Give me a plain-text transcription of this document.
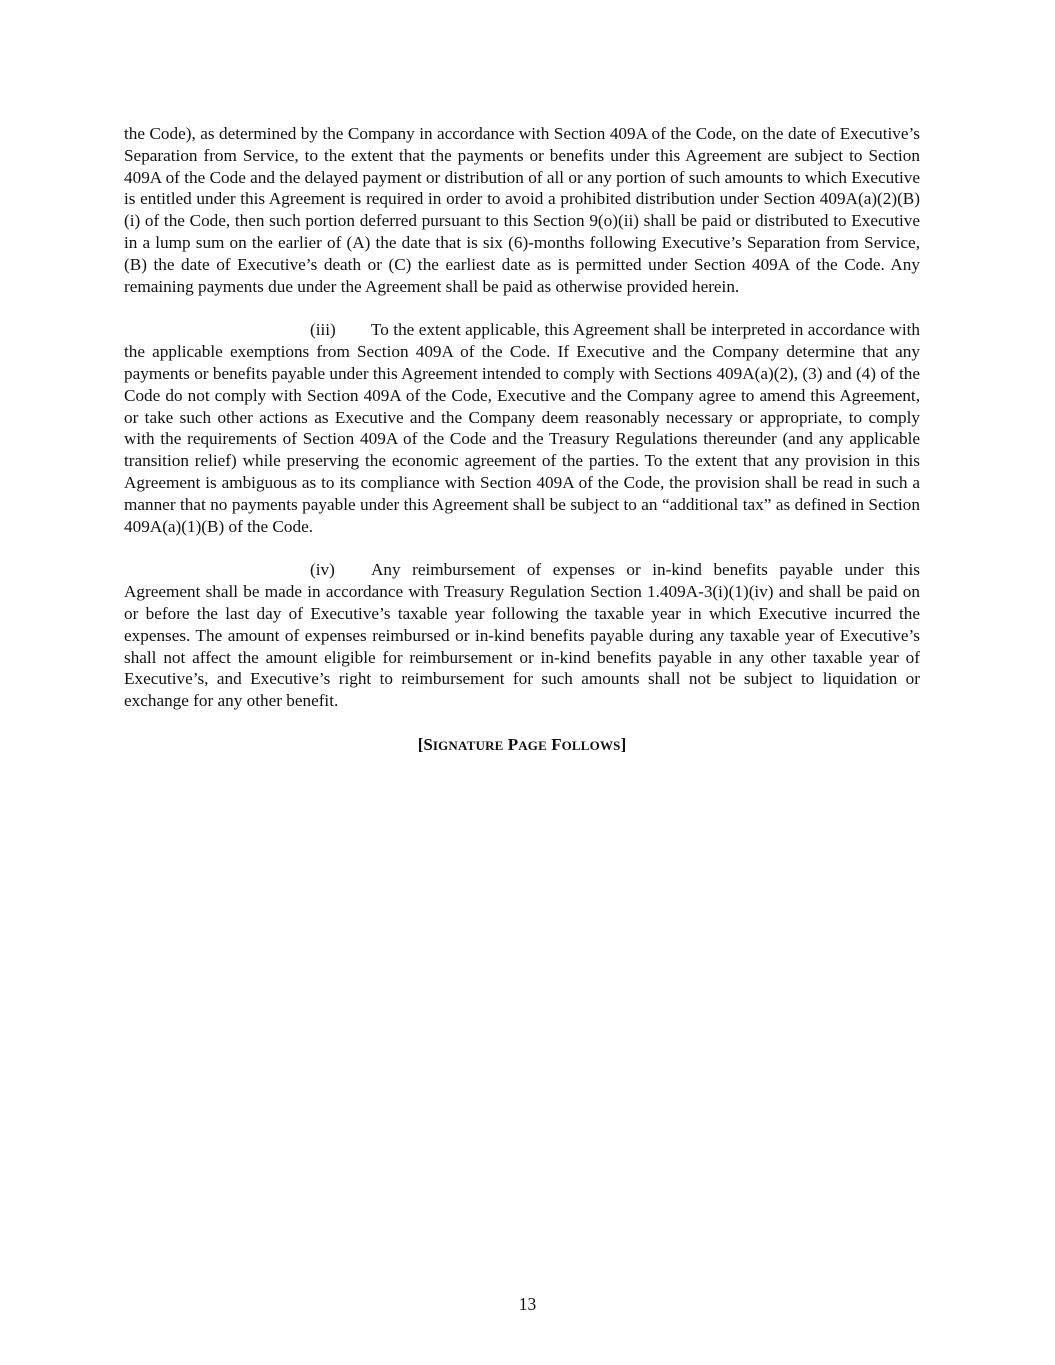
the Code), as determined by the Company in accordance with Section 409A of the Code, on the date of Executive’s Separation from Service, to the extent that the payments or benefits under this Agreement are subject to Section 409A of the Code and the delayed payment or distribution of all or any portion of such amounts to which Executive is entitled under this Agreement is required in order to avoid a prohibited distribution under Section 409A(a)(2)(B)(i) of the Code, then such portion deferred pursuant to this Section 9(o)(ii) shall be paid or distributed to Executive in a lump sum on the earlier of (A) the date that is six (6)-months following Executive’s Separation from Service, (B) the date of Executive’s death or (C) the earliest date as is permitted under Section 409A of the Code. Any remaining payments due under the Agreement shall be paid as otherwise provided herein.

(iii) To the extent applicable, this Agreement shall be interpreted in accordance with the applicable exemptions from Section 409A of the Code. If Executive and the Company determine that any payments or benefits payable under this Agreement intended to comply with Sections 409A(a)(2), (3) and (4) of the Code do not comply with Section 409A of the Code, Executive and the Company agree to amend this Agreement, or take such other actions as Executive and the Company deem reasonably necessary or appropriate, to comply with the requirements of Section 409A of the Code and the Treasury Regulations thereunder (and any applicable transition relief) while preserving the economic agreement of the parties. To the extent that any provision in this Agreement is ambiguous as to its compliance with Section 409A of the Code, the provision shall be read in such a manner that no payments payable under this Agreement shall be subject to an “additional tax” as defined in Section 409A(a)(1)(B) of the Code.

(iv) Any reimbursement of expenses or in-kind benefits payable under this Agreement shall be made in accordance with Treasury Regulation Section 1.409A-3(i)(1)(iv) and shall be paid on or before the last day of Executive’s taxable year following the taxable year in which Executive incurred the expenses. The amount of expenses reimbursed or in-kind benefits payable during any taxable year of Executive’s shall not affect the amount eligible for reimbursement or in-kind benefits payable in any other taxable year of Executive’s, and Executive’s right to reimbursement for such amounts shall not be subject to liquidation or exchange for any other benefit.

[SIGNATURE PAGE FOLLOWS]

13
